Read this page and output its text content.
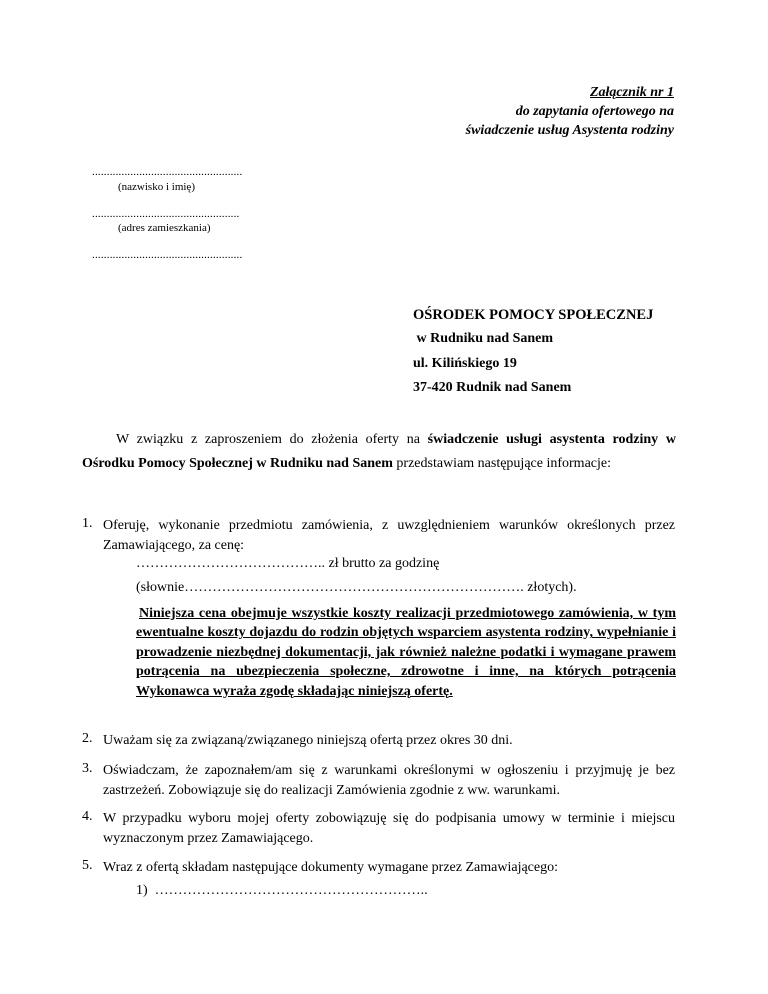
Załącznik nr 1
do zapytania ofertowego na
świadczenie usług Asystenta rodziny
...................................................
(nazwisko i imię)
..................................................
(adres zamieszkania)
...................................................
OŚRODEK POMOCY SPOŁECZNEJ
w Rudniku nad Sanem
ul. Kilińskiego 19
37-420 Rudnik nad Sanem
W związku z zaproszeniem do złożenia oferty na świadczenie usługi asystenta rodziny w Ośrodku Pomocy Społecznej w Rudniku nad Sanem przedstawiam następujące informacje:
1. Oferuję, wykonanie przedmiotu zamówienia, z uwzględnieniem warunków określonych przez Zamawiającego, za cenę:
………………………………….. zł brutto za godzinę
(słownie………………………………………………………………. złotych).
Niniejsza cena obejmuje wszystkie koszty realizacji przedmiotowego zamówienia, w tym ewentualne koszty dojazdu do rodzin objętych wsparciem asystenta rodziny, wypełnianie i prowadzenie niezbędnej dokumentacji, jak również należne podatki i wymagane prawem potrącenia na ubezpieczenia społeczne, zdrowotne i inne, na których potrącenia Wykonawca wyraża zgodę składając niniejszą ofertę.
2. Uważam się za związaną/związanego niniejszą ofertą przez okres 30 dni.
3. Oświadczam, że zapoznałem/am się z warunkami określonymi w ogłoszeniu i przyjmuję je bez zastrzeżeń. Zobowiązuje się do realizacji Zamówienia zgodnie z ww. warunkami.
4. W przypadku wyboru mojej oferty zobowiązuję się do podpisania umowy w terminie i miejscu wyznaczonym przez Zamawiającego.
5. Wraz z ofertą składam następujące dokumenty wymagane przez Zamawiającego:
1)  …………………………………………………..
